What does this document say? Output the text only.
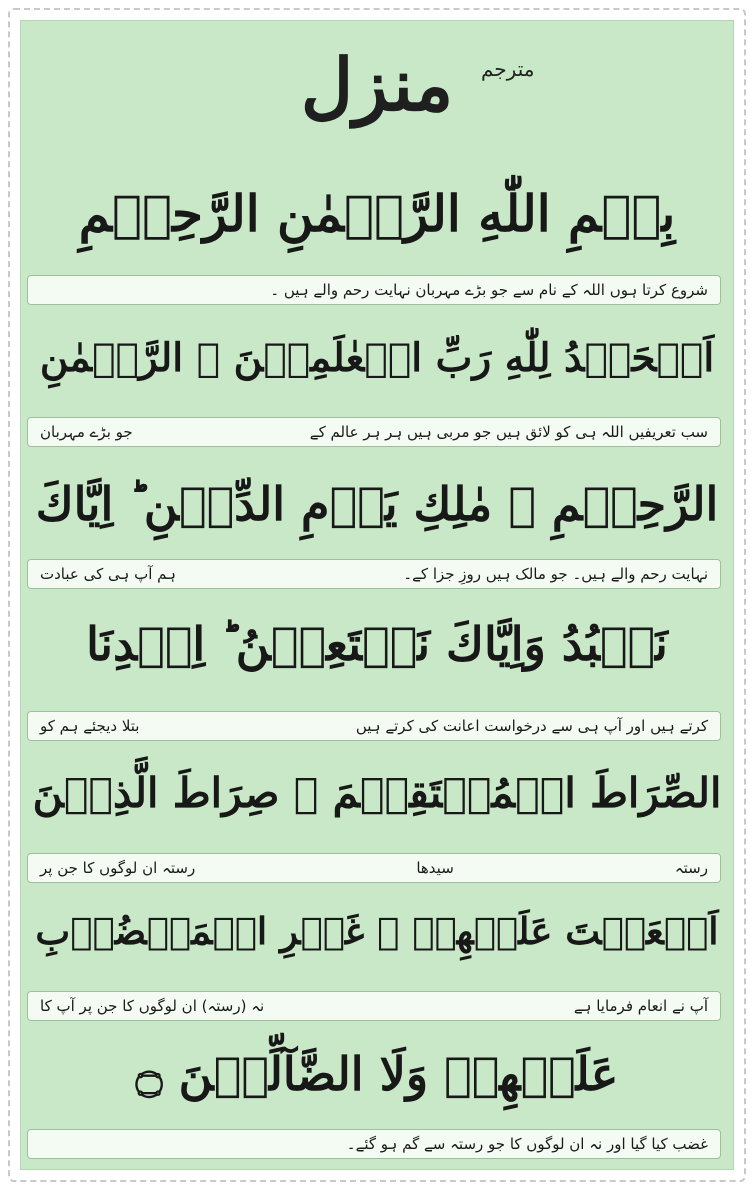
منزل	مترجم
بِسۡمِ اللّٰهِ الرَّحۡمٰنِ الرَّحِيۡمِ
شروع کرتا ہوں اللہ کے نام سے جو بڑے مہربان نہایت رحم والے ہیں ۔
اَلۡحَمۡدُ لِلّٰهِ رَبِّ الۡعٰلَمِيۡنَ ۙ الرَّحۡمٰنِ
سب تعریفیں اللہ ہی کو لائق ہیں جو مربی ہیں ہر ہر عالم کے
جو بڑے مہربان
الرَّحِيۡمِ ۙ مٰلِكِ يَوۡمِ الدِّيۡنِ ؕ اِيَّاكَ
نہایت رحم والے ہیں۔ جو مالک ہیں روزِ جزا کے۔
ہم آپ ہی کی عبادت
نَعۡبُدُ وَاِيَّاكَ نَسۡتَعِيۡنُ ؕ اِهۡدِنَا
کرتے ہیں اور آپ ہی سے درخواست اعانت کی کرتے ہیں
بتلا دیجئے ہم کو
الصِّرَاطَ الۡمُسۡتَقِيۡمَ ۙ صِرَاطَ الَّذِيۡنَ
رستہ
سیدھا
رستہ ان لوگوں کا جن پر
اَنۡعَمۡتَ عَلَيۡهِمۡ ۙ غَيۡرِ الۡمَغۡضُوۡبِ
آپ نے انعام فرمایا ہے
نہ (رستہ) ان لوگوں کا جن پر آپ کا
عَلَيۡهِمۡ وَلَا الضَّآلِّيۡنَ ۝
غضب کیا گیا اور نہ ان لوگوں کا جو رستہ سے گم ہو گئے۔
